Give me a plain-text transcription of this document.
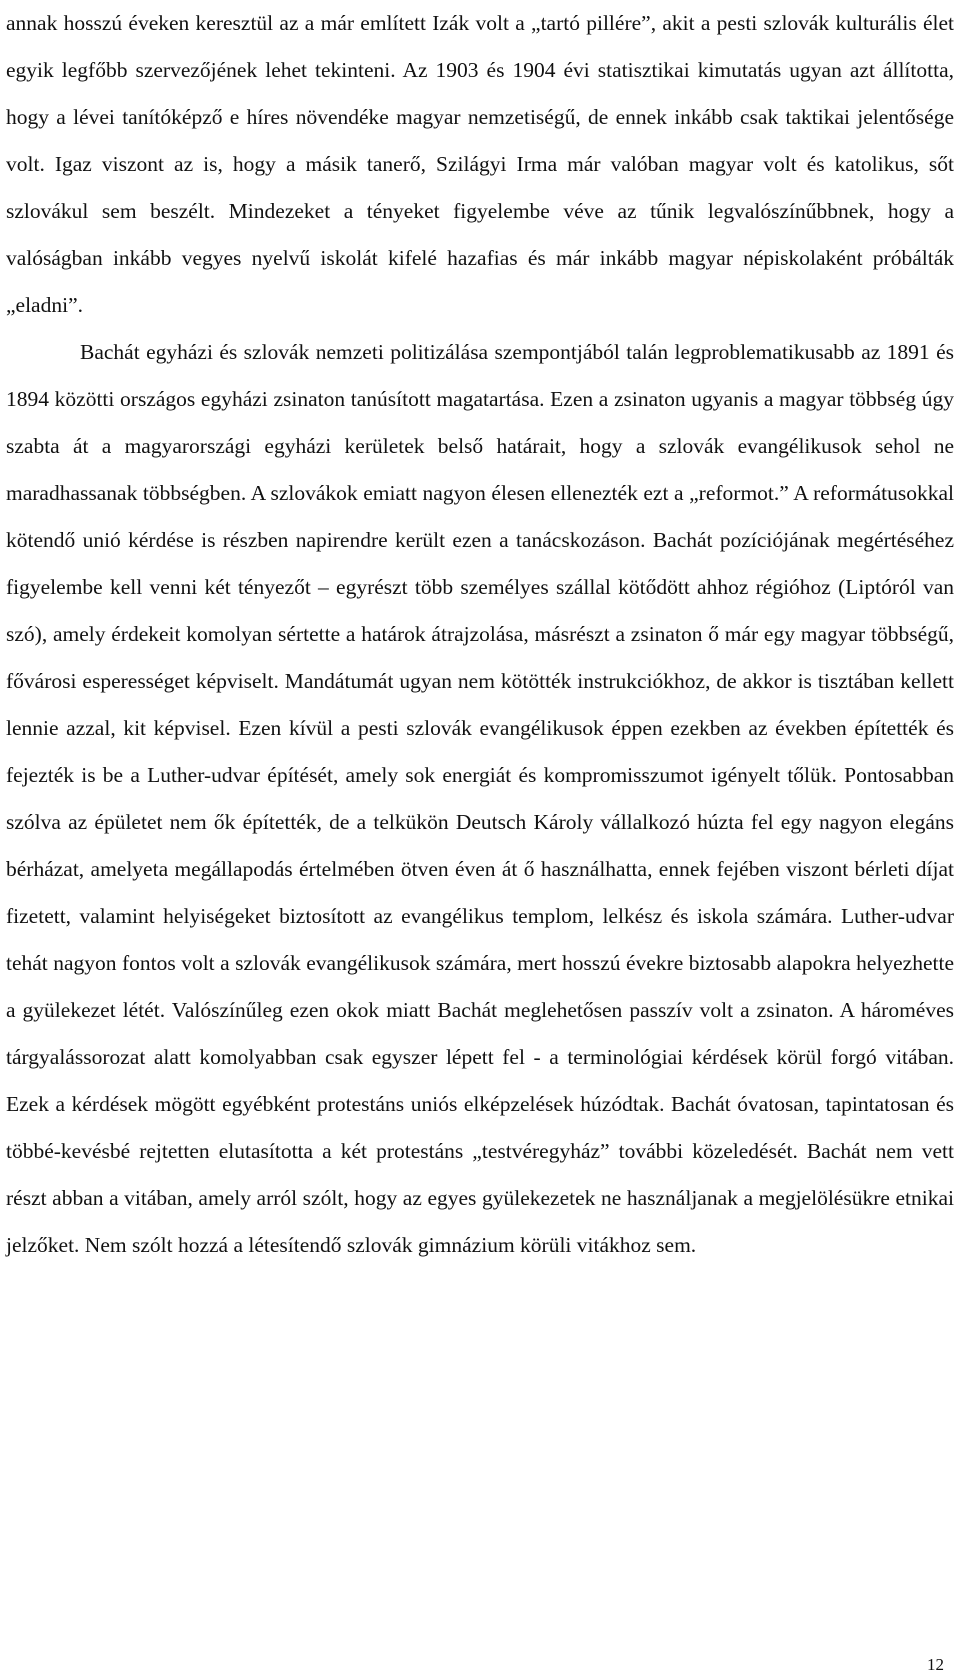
annak hosszú éveken keresztül az a már említett Izák volt a „tartó pillére”, akit a pesti szlovák kulturális élet egyik legfőbb szervezőjének lehet tekinteni. Az 1903 és 1904 évi statisztikai kimutatás ugyan azt állította, hogy a lévei tanítóképző e híres növendéke magyar nemzetiségű, de ennek inkább csak taktikai jelentősége volt. Igaz viszont az is, hogy a másik tanerő, Szilágyi Irma már valóban magyar volt és katolikus, sőt szlovákul sem beszélt. Mindezeket a tényeket figyelembe véve az tűnik legvalószínűbbnek, hogy a valóságban inkább vegyes nyelvű iskolát kifelé hazafias és már inkább magyar népiskolaként próbálták „eladni”.

Bachát egyházi és szlovák nemzeti politizálása szempontjából talán legproblematikusabb az 1891 és 1894 közötti országos egyházi zsinaton tanúsított magatartása. Ezen a zsinaton ugyanis a magyar többség úgy szabta át a magyarországi egyházi kerületek belső határait, hogy a szlovák evangélikusok sehol ne maradhassanak többségben. A szlovákok emiatt nagyon élesen ellenezték ezt a „reformot.” A reformátusokkal kötendő unió kérdése is részben napirendre került ezen a tanácskozáson. Bachát pozíciójának megértéséhez figyelembe kell venni két tényezőt – egyrészt több személyes szállal kötődött ahhoz régióhoz (Liptóról van szó), amely érdekeit komolyan sértette a határok átrajzolása, másrészt a zsinaton ő már egy magyar többségű, fővárosi esperességet képviselt. Mandátumát ugyan nem kötötték instrukciókhoz, de akkor is tisztában kellett lennie azzal, kit képvisel. Ezen kívül a pesti szlovák evangélikusok éppen ezekben az években építették és fejezték is be a Luther-udvar építését, amely sok energiát és kompromisszumot igényelt tőlük. Pontosabban szólva az épületet nem ők építették, de a telkükön Deutsch Károly vállalkozó húzta fel egy nagyon elegáns bérházat, amelyeta megállapodás értelmében ötven éven át ő használhatta, ennek fejében viszont bérleti díjat fizetett, valamint helyiségeket biztosított az evangélikus templom, lelkész és iskola számára. Luther-udvar tehát nagyon fontos volt a szlovák evangélikusok számára, mert hosszú évekre biztosabb alapokra helyezhette a gyülekezet létét. Valószínűleg ezen okok miatt Bachát meglehetősen passzív volt a zsinaton. A hároméves tárgyalássorozat alatt komolyabban csak egyszer lépett fel - a terminológiai kérdések körül forgó vitában. Ezek a kérdések mögött egyébként protestáns uniós elképzelések húzódtak. Bachát óvatosan, tapintatosan és többé-kevésbé rejtetten elutasította a két protestáns „testvéregyház” további közeledését. Bachát nem vett részt abban a vitában, amely arról szólt, hogy az egyes gyülekezetek ne használjanak a megjelölésükre etnikai jelzőket. Nem szólt hozzá a létesítendő szlovák gimnázium körüli vitákhoz sem.

12
